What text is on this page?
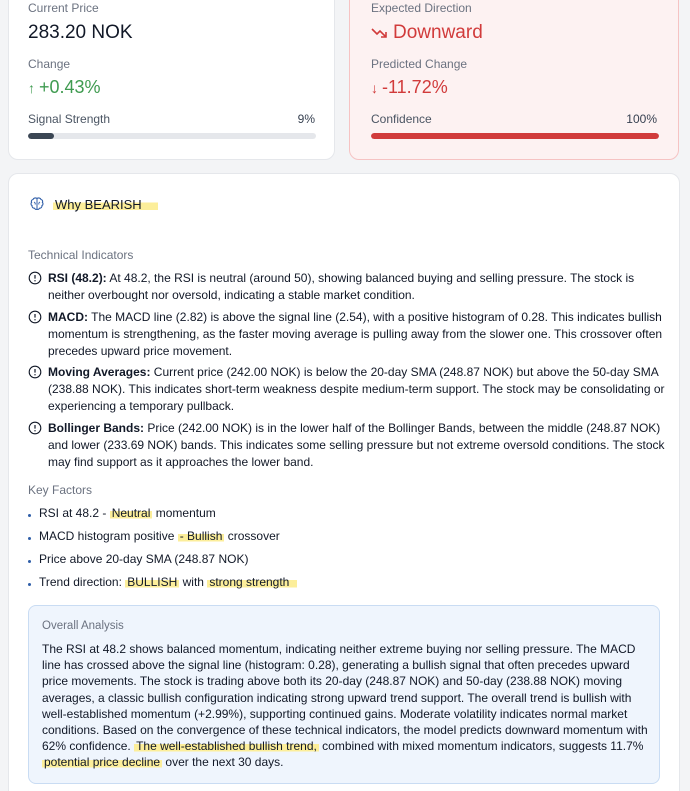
Current Price
283.20 NOK
Change
↑ +0.43%
Signal Strength	9%
Expected Direction
Downward
Predicted Change
↓ -11.72%
Confidence	100%
Why BEARISH
Technical Indicators
RSI (48.2): At 48.2, the RSI is neutral (around 50), showing balanced buying and selling pressure. The stock is neither overbought nor oversold, indicating a stable market condition.
MACD: The MACD line (2.82) is above the signal line (2.54), with a positive histogram of 0.28. This indicates bullish momentum is strengthening, as the faster moving average is pulling away from the slower one. This crossover often precedes upward price movement.
Moving Averages: Current price (242.00 NOK) is below the 20-day SMA (248.87 NOK) but above the 50-day SMA (238.88 NOK). This indicates short-term weakness despite medium-term support. The stock may be consolidating or experiencing a temporary pullback.
Bollinger Bands: Price (242.00 NOK) is in the lower half of the Bollinger Bands, between the middle (248.87 NOK) and lower (233.69 NOK) bands. This indicates some selling pressure but not extreme oversold conditions. The stock may find support as it approaches the lower band.
Key Factors
RSI at 48.2 - Neutral momentum
MACD histogram positive - Bullish crossover
Price above 20-day SMA (248.87 NOK)
Trend direction: BULLISH with strong strength
Overall Analysis
The RSI at 48.2 shows balanced momentum, indicating neither extreme buying nor selling pressure. The MACD line has crossed above the signal line (histogram: 0.28), generating a bullish signal that often precedes upward price movements. The stock is trading above both its 20-day (248.87 NOK) and 50-day (238.88 NOK) moving averages, a classic bullish configuration indicating strong upward trend support. The overall trend is bullish with well-established momentum (+2.99%), supporting continued gains. Moderate volatility indicates normal market conditions. Based on the convergence of these technical indicators, the model predicts downward momentum with 62% confidence. The well-established bullish trend, combined with mixed momentum indicators, suggests 11.7% potential price decline over the next 30 days.
